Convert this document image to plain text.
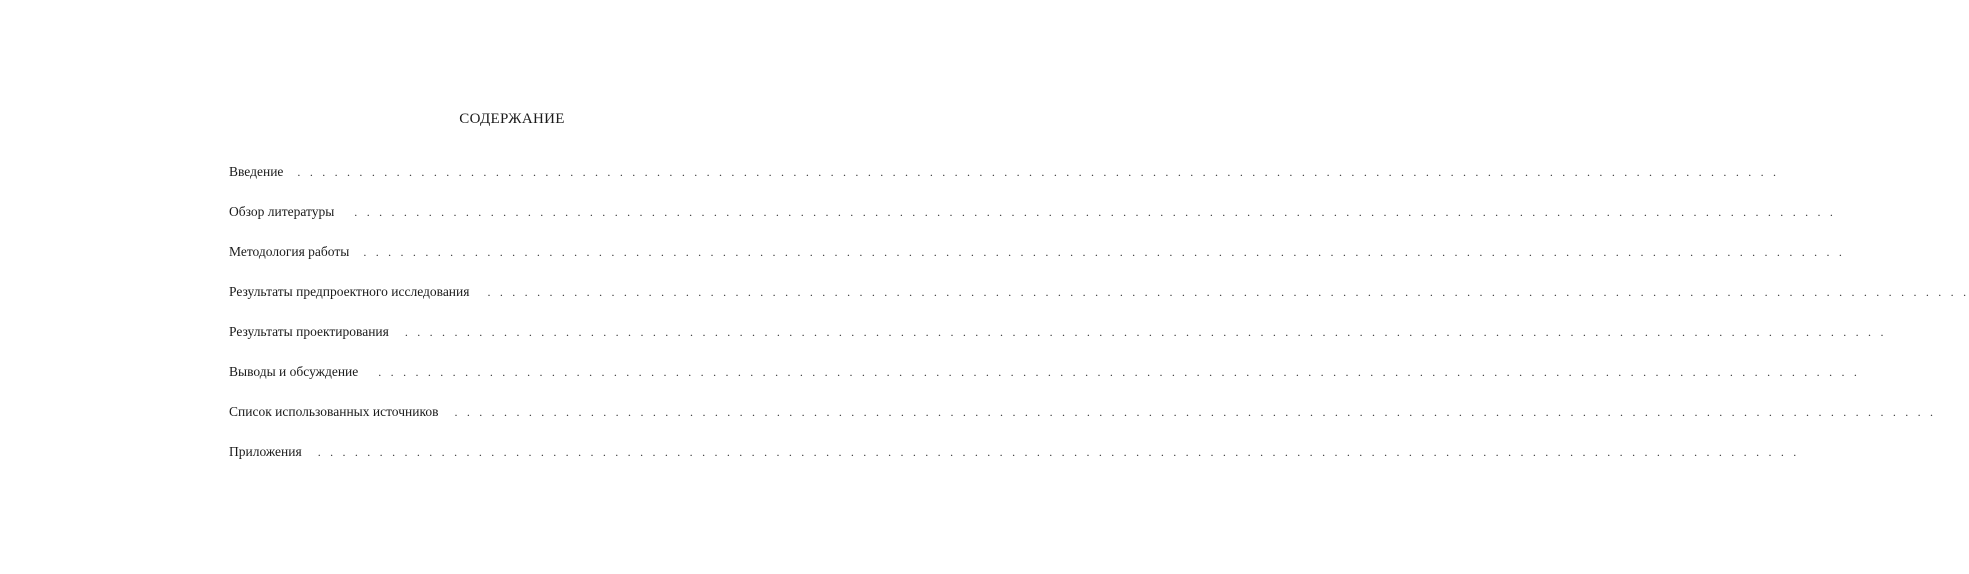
СОДЕРЖАНИЕ
Введение . . . . . . . . . . . . . . . . . . . . . . . . . . . . . . . . . . . . . . . . . . . . . . . . . . . . . . . . . . . . . . . . . . . . . . . . . . . . . . . . . . . . . . . . . . . . . . . . . . . . . . . . . . . . . . . . . . . . . . . .
Обзор литературы . . . . . . . . . . . . . . . . . . . . . . . . . . . . . . . . . . . . . . . . . . . . . . . . . . . . . . . . . . . . . . . . . . . . . . . . . . . . . . . . . . . . . . . . . . . . . . . . . . . . . . . . . . . . . . . . . . . . . . . .
Методология работы . . . . . . . . . . . . . . . . . . . . . . . . . . . . . . . . . . . . . . . . . . . . . . . . . . . . . . . . . . . . . . . . . . . . . . . . . . . . . . . . . . . . . . . . . . . . . . . . . . . . . . . . . . . . . . . . . . . . . . . .
Результаты предпроектного исследования . . . . . . . . . . . . . . . . . . . . . . . . . . . . . . . . . . . . . . . . . . . . . . . . . . . . . . . . . . . . . . . . . . . . . . . . . . . . . . . . . . . . . . . . . . . . . . . . . . . . . . . . . . . . . . . . . . . . . . . .
Результаты проектирования . . . . . . . . . . . . . . . . . . . . . . . . . . . . . . . . . . . . . . . . . . . . . . . . . . . . . . . . . . . . . . . . . . . . . . . . . . . . . . . . . . . . . . . . . . . . . . . . . . . . . . . . . . . . . . . . . . . . . . . .
Выводы и обсуждение . . . . . . . . . . . . . . . . . . . . . . . . . . . . . . . . . . . . . . . . . . . . . . . . . . . . . . . . . . . . . . . . . . . . . . . . . . . . . . . . . . . . . . . . . . . . . . . . . . . . . . . . . . . . . . . . . . . . . . . .
Список использованных источников . . . . . . . . . . . . . . . . . . . . . . . . . . . . . . . . . . . . . . . . . . . . . . . . . . . . . . . . . . . . . . . . . . . . . . . . . . . . . . . . . . . . . . . . . . . . . . . . . . . . . . . . . . . . . . . . . . . . . . . .
Приложения . . . . . . . . . . . . . . . . . . . . . . . . . . . . . . . . . . . . . . . . . . . . . . . . . . . . . . . . . . . . . . . . . . . . . . . . . . . . . . . . . . . . . . . . . . . . . . . . . . . . . . . . . . . . . . . . . . . . . . . .
